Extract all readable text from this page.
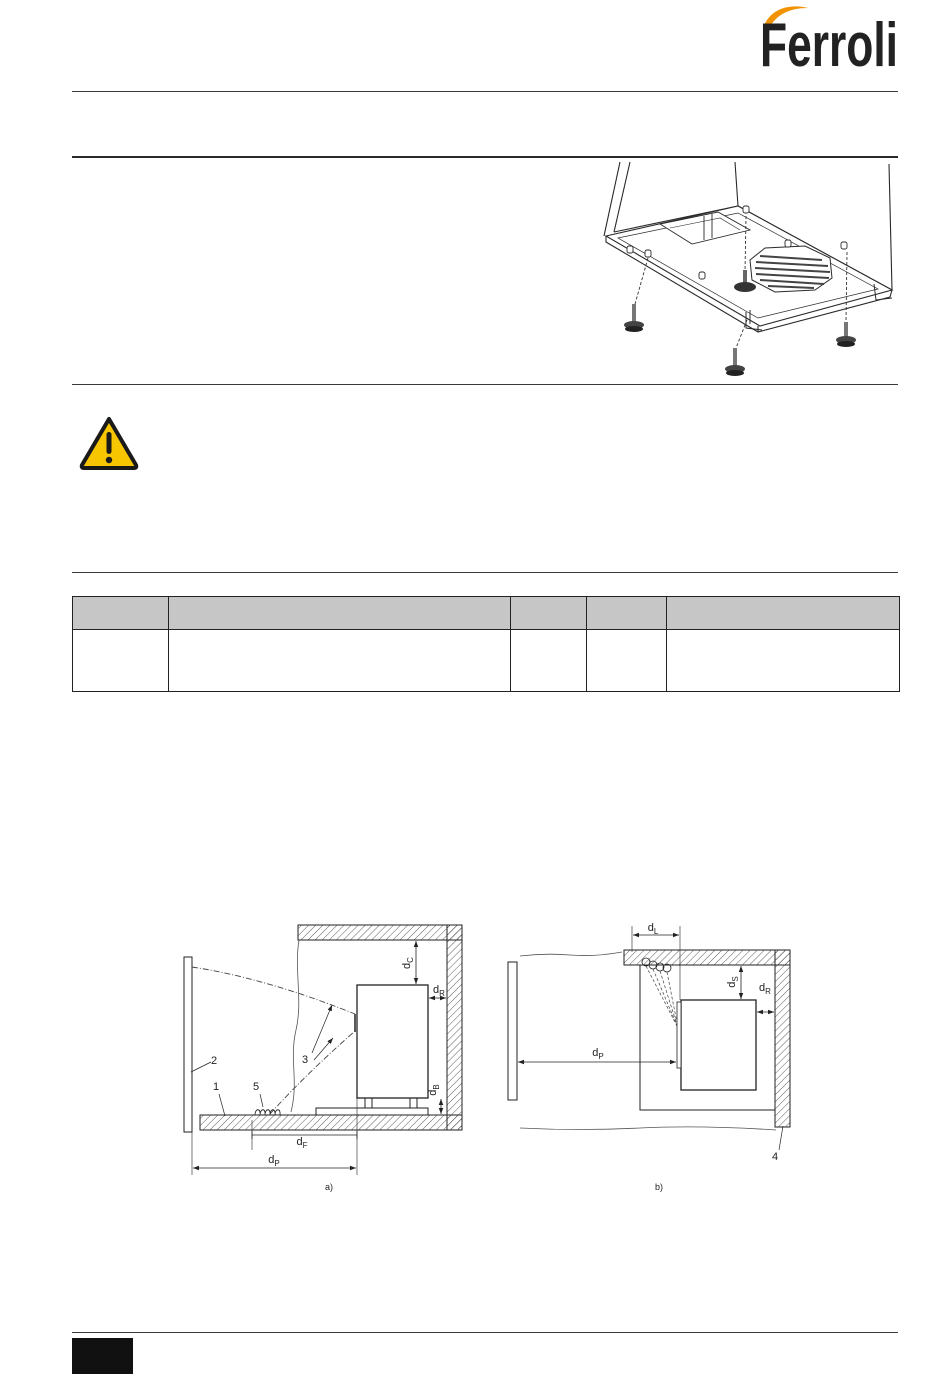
Ferroli

2
1	5
3
$d_C$
$d_R$
$d_B$
$d_F$
$d_P$
a)
$d_L$
$d_S$
$d_R$
$d_P$
4
b)
